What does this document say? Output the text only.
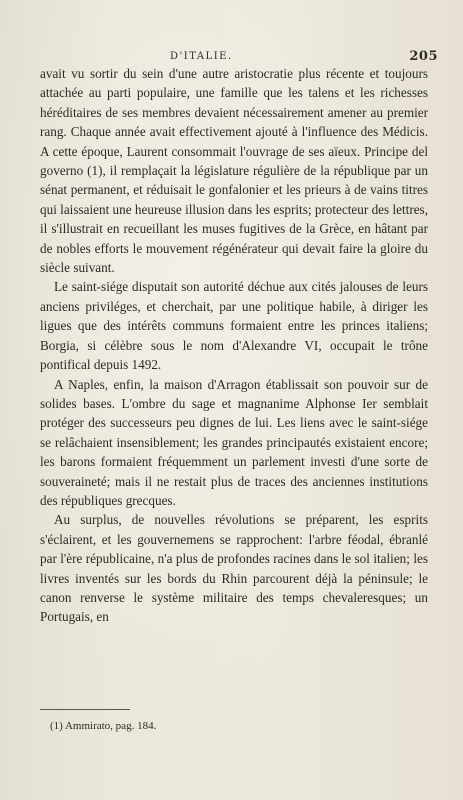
D'ITALIE.	205

avait vu sortir du sein d'une autre aristocratie plus récente et toujours attachée au parti populaire, une famille que les talens et les richesses héréditaires de ses membres devaient nécessairement amener au premier rang. Chaque année avait effectivement ajouté à l'influence des Médicis. A cette époque, Laurent consommait l'ouvrage de ses aïeux. Principe del governo (1), il remplaçait la législature régulière de la république par un sénat permanent, et réduisait le gonfalonier et les prieurs à de vains titres qui laissaient une heureuse illusion dans les esprits; protecteur des lettres, il s'illustrait en recueillant les muses fugitives de la Grèce, en hâtant par de nobles efforts le mouvement régénérateur qui devait faire la gloire du siècle suivant.

Le saint-siége disputait son autorité déchue aux cités jalouses de leurs anciens priviléges, et cherchait, par une politique habile, à diriger les ligues que des intérêts communs formaient entre les princes italiens; Borgia, si célèbre sous le nom d'Alexandre VI, occupait le trône pontifical depuis 1492.

A Naples, enfin, la maison d'Arragon établissait son pouvoir sur de solides bases. L'ombre du sage et magnanime Alphonse Ier semblait protéger des successeurs peu dignes de lui. Les liens avec le saint-siége se relâchaient insensiblement; les grandes principautés existaient encore; les barons formaient fréquemment un parlement investi d'une sorte de souveraineté; mais il ne restait plus de traces des anciennes institutions des républiques grecques.

Au surplus, de nouvelles révolutions se préparent, les esprits s'éclairent, et les gouvernemens se rapprochent: l'arbre féodal, ébranlé par l'ère républicaine, n'a plus de profondes racines dans le sol italien; les livres inventés sur les bords du Rhin parcourent déjà la péninsule; le canon renverse le système militaire des temps chevaleresques; un Portugais, en

(1) Ammirato, pag. 184.
